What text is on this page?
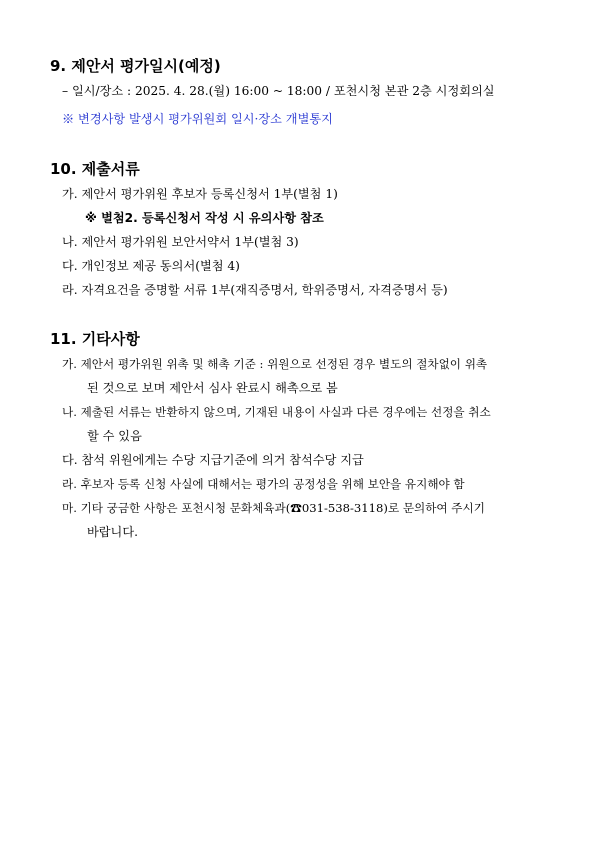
9. 제안서 평가일시(예정)
– 일시/장소 : 2025. 4. 28.(월) 16:00 ~ 18:00 / 포천시청 본관 2층 시정회의실
※ 변경사항 발생시 평가위원회 일시·장소 개별통지
10. 제출서류
가. 제안서 평가위원 후보자 등록신청서 1부(별첨 1)
※ 별첨2. 등록신청서 작성 시 유의사항 참조
나. 제안서 평가위원 보안서약서 1부(별첨 3)
다. 개인정보 제공 동의서(별첨 4)
라. 자격요건을 증명할 서류 1부(재직증명서, 학위증명서, 자격증명서 등)
11. 기타사항
가. 제안서 평가위원 위촉 및 해촉 기준 : 위원으로 선정된 경우 별도의 절차없이 위촉
된 것으로 보며 제안서 심사 완료시 해촉으로 봄
나. 제출된 서류는 반환하지 않으며, 기재된 내용이 사실과 다른 경우에는 선정을 취소
할 수 있음
다. 참석 위원에게는 수당 지급기준에 의거 참석수당 지급
라. 후보자 등록 신청 사실에 대해서는 평가의 공정성을 위해 보안을 유지해야 함
마. 기타 궁금한 사항은 포천시청 문화체육과(☎031-538-3118)로 문의하여 주시기
바랍니다.
